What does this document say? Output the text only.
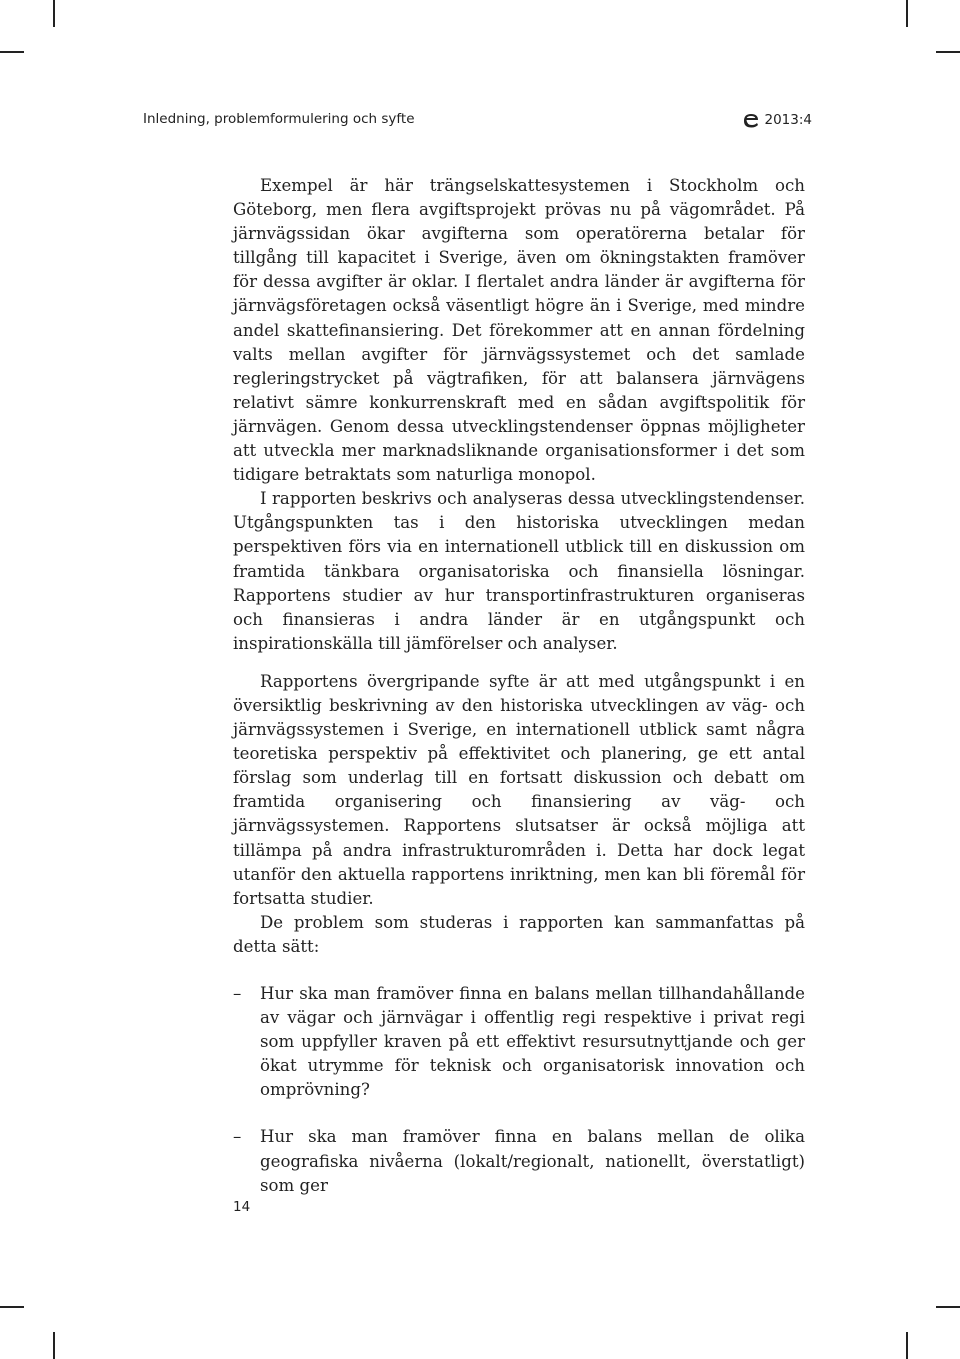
Inledning, problemformulering och syfte	2013:4

Exempel är här trängselskattesystemen i Stockholm och Göteborg, men flera avgiftsprojekt prövas nu på vägområdet. På järnvägssidan ökar avgifterna som operatörerna betalar för tillgång till kapacitet i Sverige, även om ökningstakten framöver för dessa avgifter är oklar. I flertalet andra länder är avgifterna för järnvägsföretagen också väsentligt högre än i Sverige, med mindre andel skattefinansiering. Det förekommer att en annan fördelning valts mellan avgifter för järnvägssystemet och det samlade regleringstrycket på vägtrafiken, för att balansera järnvägens relativt sämre konkurrenskraft med en sådan avgiftspolitik för järnvägen. Genom dessa utvecklingstendenser öppnas möjligheter att utveckla mer marknadsliknande organisationsformer i det som tidigare betraktats som naturliga monopol.

I rapporten beskrivs och analyseras dessa utvecklingstendenser. Utgångspunkten tas i den historiska utvecklingen medan perspektiven förs via en internationell utblick till en diskussion om framtida tänkbara organisatoriska och finansiella lösningar. Rapportens studier av hur transportinfrastrukturen organiseras och finansieras i andra länder är en utgångspunkt och inspirationskälla till jämförelser och analyser.

Rapportens övergripande syfte är att med utgångspunkt i en översiktlig beskrivning av den historiska utvecklingen av väg- och järnvägssystemen i Sverige, en internationell utblick samt några teoretiska perspektiv på effektivitet och planering, ge ett antal förslag som underlag till en fortsatt diskussion och debatt om framtida organisering och finansiering av väg- och järnvägssystemen. Rapportens slutsatser är också möjliga att tillämpa på andra infrastrukturområden i. Detta har dock legat utanför den aktuella rapportens inriktning, men kan bli föremål för fortsatta studier.

De problem som studeras i rapporten kan sammanfattas på detta sätt:

– Hur ska man framöver finna en balans mellan tillhandahållande av vägar och järnvägar i offentlig regi respektive i privat regi som uppfyller kraven på ett effektivt resursutnyttjande och ger ökat utrymme för teknisk och organisatorisk innovation och omprövning?
– Hur ska man framöver finna en balans mellan de olika geografiska nivåerna (lokalt/regionalt, nationellt, överstatligt) som ger
14
